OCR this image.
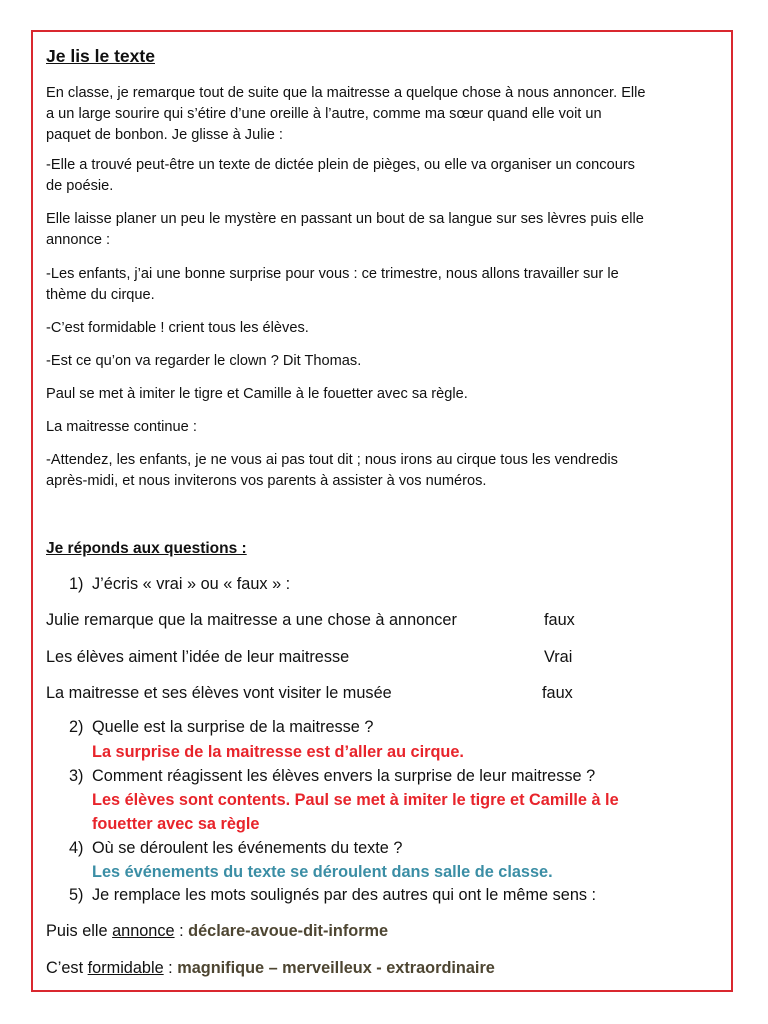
Je lis le texte
En classe, je remarque tout de suite que la maitresse a quelque chose à nous annoncer. Elle
a un large sourire qui s’étire d’une oreille à l’autre, comme ma sœur quand elle voit un
paquet de bonbon. Je glisse à Julie :
-Elle a trouvé peut-être un texte de dictée plein de pièges, ou elle va organiser un concours
de poésie.
Elle laisse planer un peu le mystère en passant un bout de sa langue sur ses lèvres puis elle
annonce :
-Les enfants, j’ai une bonne surprise pour vous : ce trimestre, nous allons travailler sur le
thème du cirque.
-C’est formidable ! crient tous les élèves.
-Est ce qu’on va regarder le clown ? Dit Thomas.
Paul se met à imiter le tigre et Camille à le fouetter avec sa règle.
La maitresse continue :
-Attendez, les enfants, je ne vous ai pas tout dit ; nous irons au cirque tous les vendredis
après-midi, et nous inviterons vos parents à assister à vos numéros.
Je réponds aux questions :
1) J’écris « vrai » ou « faux » :
Julie remarque que la maitresse a une chose à annoncer	faux
Les élèves aiment l’idée de leur maitresse	Vrai
La maitresse et ses élèves vont visiter le musée	faux
2) Quelle est la surprise de la maitresse ?
La surprise de la maitresse est d’aller au cirque.
3) Comment réagissent les élèves envers la surprise de leur maitresse ?
Les élèves sont contents. Paul se met à imiter le tigre et Camille à le
fouetter avec sa règle
4) Où se déroulent les événements du texte ?
Les événements du texte se déroulent dans salle de classe.
5) Je remplace les mots soulignés par des autres qui ont le même sens :
Puis elle annonce : déclare-avoue-dit-informe
C’est formidable : magnifique – merveilleux - extraordinaire
